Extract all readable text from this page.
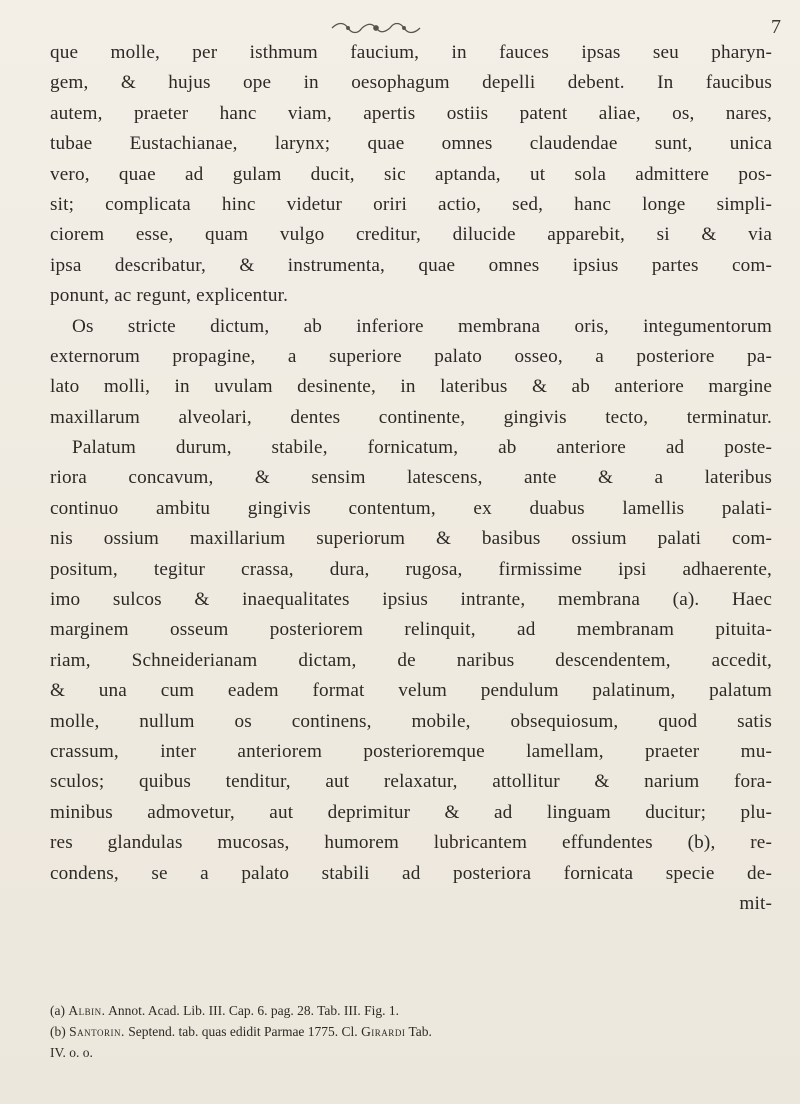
7
que molle, per isthmum faucium, in fauces ipsas seu pharyn-
gem, & hujus ope in oesophagum depelli debent. In faucibus
autem, praeter hanc viam, apertis ostiis patent aliae, os, nares,
tubae Eustachianae, larynx; quae omnes claudendae sunt, unica
vero, quae ad gulam ducit, sic aptanda, ut sola admittere pos-
sit; complicata hinc videtur oriri actio, sed, hanc longe simpli-
ciorem esse, quam vulgo creditur, dilucide apparebit, si & via
ipsa describatur, & instrumenta, quae omnes ipsius partes com-
ponunt, ac regunt, explicentur.
Os stricte dictum, ab inferiore membrana oris, integumentorum
externorum propagine, a superiore palato osseo, a posteriore pa-
lato molli, in uvulam desinente, in lateribus & ab anteriore margine
maxillarum alveolari, dentes continente, gingivis tecto, terminatur.
Palatum durum, stabile, fornicatum, ab anteriore ad poste-
riora concavum, & sensim latescens, ante & a lateribus
continuo ambitu gingivis contentum, ex duabus lamellis palati-
nis ossium maxillarium superiorum & basibus ossium palati com-
positum, tegitur crassa, dura, rugosa, firmissime ipsi adhaerente,
imo sulcos & inaequalitates ipsius intrante, membrana (a). Haec
marginem osseum posteriorem relinquit, ad membranam pituita-
riam, Schneiderianam dictam, de naribus descendentem, accedit,
& una cum eadem format velum pendulum palatinum, palatum
molle, nullum os continens, mobile, obsequiosum, quod satis
crassum, inter anteriorem posterioremque lamellam, praeter mu-
sculos; quibus tenditur, aut relaxatur, attollitur & narium fora-
minibus admovetur, aut deprimitur & ad linguam ducitur; plu-
res glandulas mucosas, humorem lubricantem effundentes (b), re-
condens, se a palato stabili ad posteriora fornicata specie de-
mit-
(a) Albin. Annot. Acad. Lib. III. Cap. 6. pag. 28. Tab. III. Fig. 1.
(b) Santorin. Septend. tab. quas edidit Parmae 1775. Cl. Girardi Tab.
IV. o. o.
